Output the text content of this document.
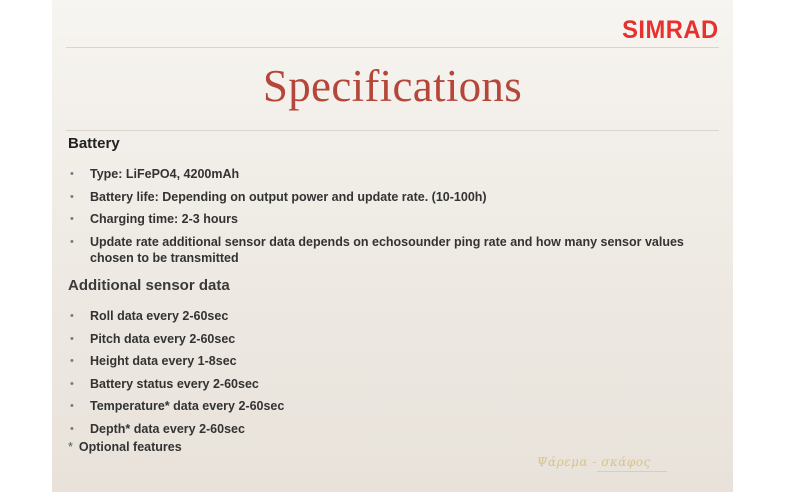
SIMRAD
Specifications
Battery
• Type: LiFePO4, 4200mAh
• Battery life: Depending on output power and update rate. (10-100h)
• Charging time: 2-3 hours
• Update rate additional sensor data depends on echosounder ping rate and how many sensor values chosen to be transmitted
Additional sensor data
• Roll data every 2-60sec
• Pitch data every 2-60sec
• Height data every 1-8sec
• Battery status every 2-60sec
• Temperature* data every 2-60sec
• Depth* data every 2-60sec
* Optional features
Ψάρεμα - σκάφος
